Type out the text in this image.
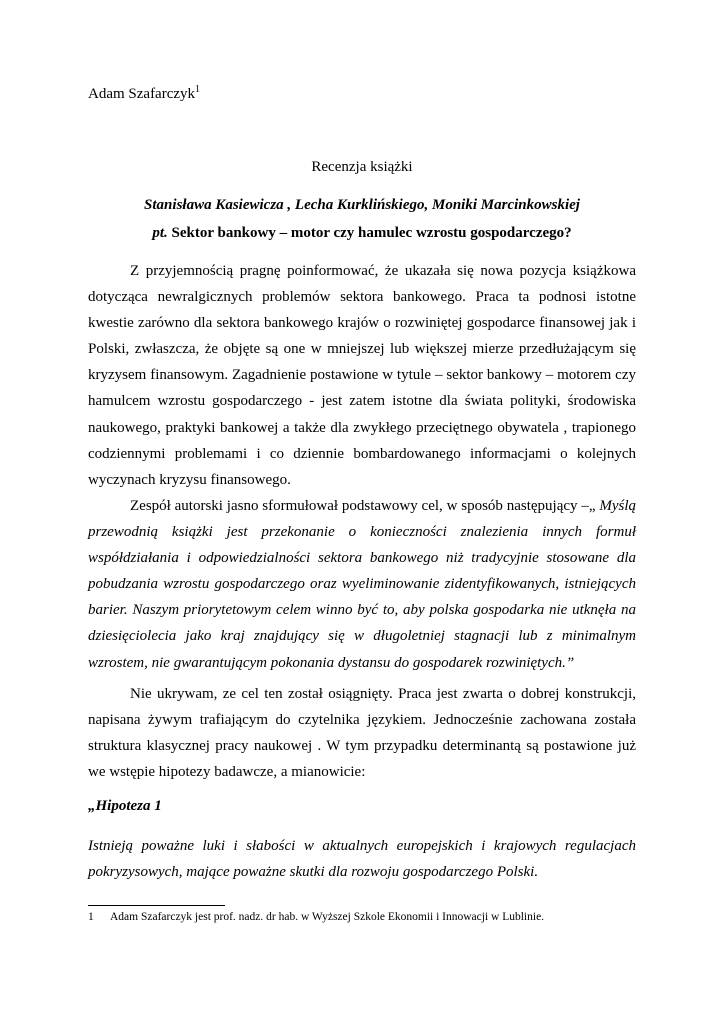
Adam Szafarczyk$^1$
Recenzja książki
Stanisława Kasiewicza , Lecha Kurklińskiego, Moniki Marcinkowskiej
pt. Sektor bankowy – motor czy hamulec wzrostu gospodarczego?

Z przyjemnością pragnę poinformować, że ukazała się nowa pozycja książkowa dotycząca newralgicznych problemów sektora bankowego. Praca ta podnosi istotne kwestie zarówno dla sektora bankowego krajów o rozwiniętej gospodarce finansowej jak i Polski, zwłaszcza, że objęte są one w mniejszej lub większej mierze przedłużającym się kryzysem finansowym. Zagadnienie postawione w tytule – sektor bankowy – motorem czy hamulcem wzrostu gospodarczego - jest zatem istotne dla świata polityki, środowiska naukowego, praktyki bankowej a także dla zwykłego przeciętnego obywatela , trapionego codziennymi problemami i co dziennie bombardowanego informacjami o kolejnych wyczynach kryzysu finansowego.

Zespół autorski jasno sformułował podstawowy cel, w sposób następujący –„ Myślą przewodnią książki jest przekonanie o konieczności znalezienia innych formuł współdziałania i odpowiedzialności sektora bankowego niż tradycyjnie stosowane dla pobudzania wzrostu gospodarczego oraz wyeliminowanie zidentyfikowanych, istniejących barier. Naszym priorytetowym celem winno być to, aby polska gospodarka nie utknęła na dziesięciolecia jako kraj znajdujący się w długoletniej stagnacji lub z minimalnym wzrostem, nie gwarantującym pokonania dystansu do gospodarek rozwiniętych.”

Nie ukrywam, ze cel ten został osiągnięty. Praca jest zwarta o dobrej konstrukcji, napisana żywym trafiającym do czytelnika językiem. Jednocześnie zachowana została struktura klasycznej pracy naukowej . W tym przypadku determinantą są postawione już we wstępie hipotezy badawcze, a mianowicie:

„Hipoteza 1

Istnieją poważne luki i słabości w aktualnych europejskich i krajowych regulacjach pokryzysowych, mające poważne skutki dla rozwoju gospodarczego Polski.

1 Adam Szafarczyk jest prof. nadz. dr hab. w Wyższej Szkole Ekonomii i Innowacji w Lublinie.
